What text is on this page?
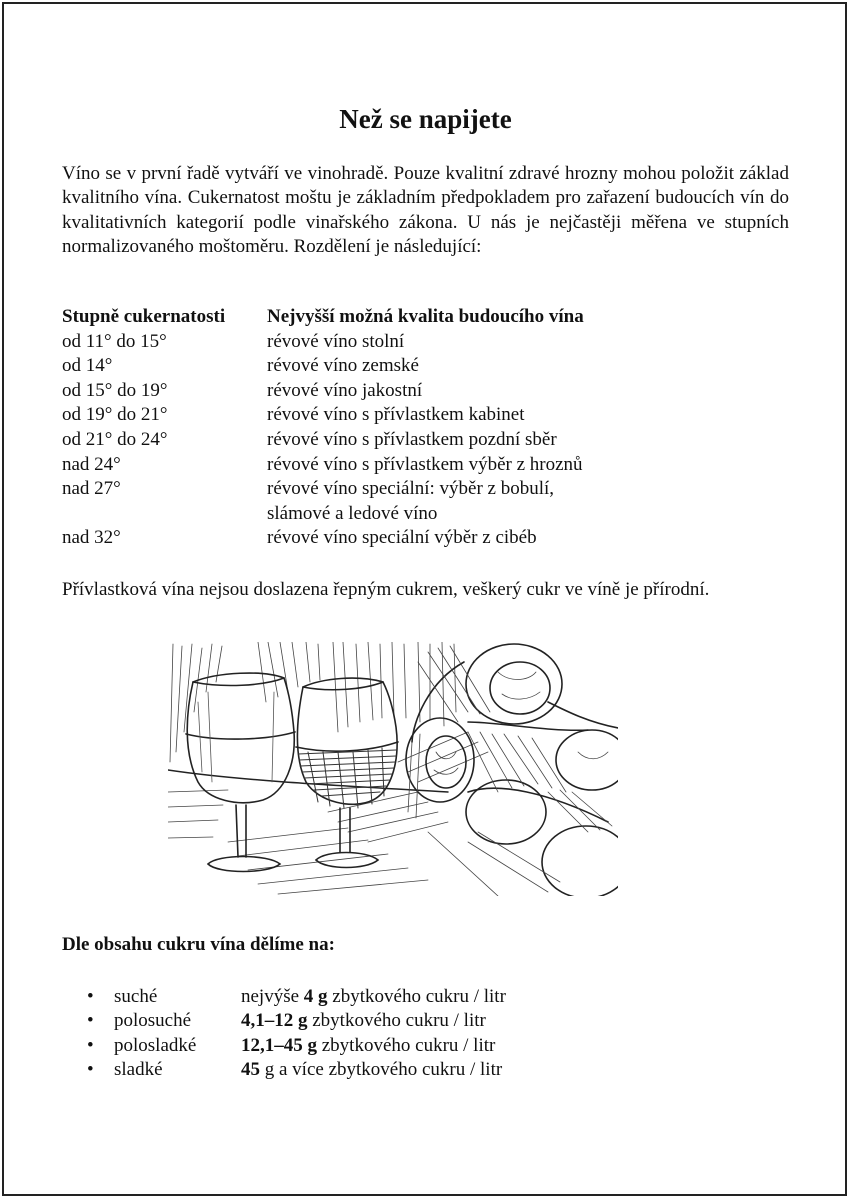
Než se napijete

Víno se v první řadě vytváří ve vinohradě. Pouze kvalitní zdravé hrozny mohou položit základ kvalitního vína. Cukernatost moštu je základním předpokladem pro zařazení budoucích vín do kvalitativních kategorií podle vinařského zákona. U nás je nejčastěji měřena ve stupních normalizovaného moštoměru. Rozdělení je následující:

Stupně cukernatosti	Nejvyšší možná kvalita budoucího vína
od 11° do 15°	révové víno stolní
od 14°	révové víno zemské
od 15° do 19°	révové víno jakostní
od 19° do 21°	révové víno s přívlastkem kabinet
od 21° do 24°	révové víno s přívlastkem pozdní sběr
nad 24°	révové víno s přívlastkem výběr z hroznů
nad 27°	révové víno speciální: výběr z bobulí,
	slámové a ledové víno
nad 32°	révové víno speciální výběr z cibéb

Přívlastková vína nejsou doslazena řepným cukrem, veškerý cukr ve víně je přírodní.

Dle obsahu cukru vína dělíme na:

•	suché	nejvýše 4 g zbytkového cukru / litr
•	polosuché	4,1–12 g zbytkového cukru / litr
•	polosladké	12,1–45 g zbytkového cukru / litr
•	sladké	45 g a více zbytkového cukru / litr
